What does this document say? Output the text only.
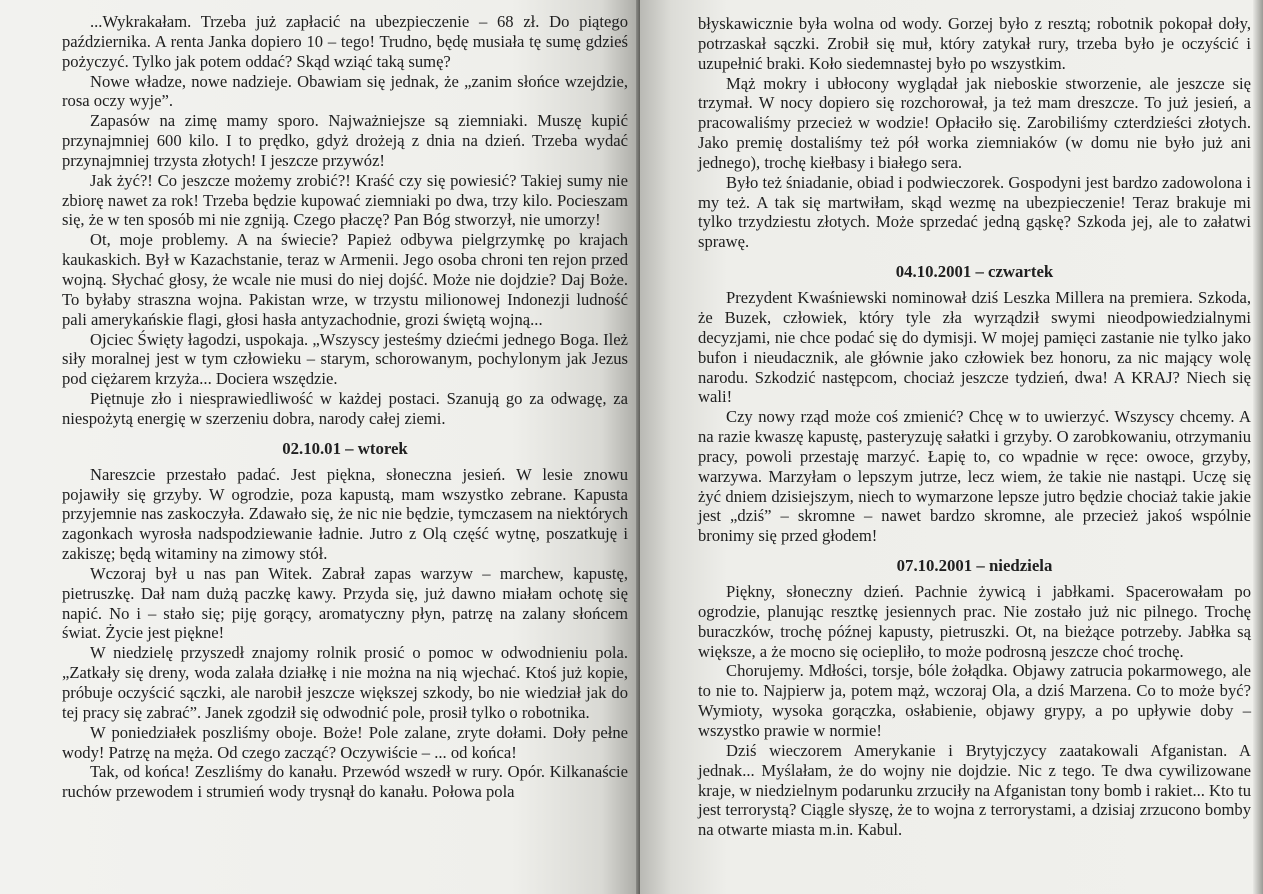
...Wykrakałam. Trzeba już zapłacić na ubezpieczenie – 68 zł. Do piątego października. A renta Janka dopiero 10 – tego! Trudno, będę musiała tę sumę gdzieś pożyczyć. Tylko jak potem oddać? Skąd wziąć taką sumę?

Nowe władze, nowe nadzieje. Obawiam się jednak, że „zanim słońce wzejdzie, rosa oczy wyje”.

Zapasów na zimę mamy sporo. Najważniejsze są ziemniaki. Muszę kupić przynajmniej 600 kilo. I to prędko, gdyż drożeją z dnia na dzień. Trzeba wydać przynajmniej trzysta złotych! I jeszcze przywóz!

Jak żyć?! Co jeszcze możemy zrobić?! Kraść czy się powiesić? Takiej sumy nie zbiorę nawet za rok! Trzeba będzie kupować ziemniaki po dwa, trzy kilo. Pocieszam się, że w ten sposób mi nie zgniją. Czego płaczę? Pan Bóg stworzył, nie umorzy!

Ot, moje problemy. A na świecie? Papież odbywa pielgrzymkę po krajach kaukaskich. Był w Kazachstanie, teraz w Armenii. Jego osoba chroni ten rejon przed wojną. Słychać głosy, że wcale nie musi do niej dojść. Może nie dojdzie? Daj Boże. To byłaby straszna wojna. Pakistan wrze, w trzystu milionowej Indonezji ludność pali amerykańskie flagi, głosi hasła antyzachodnie, grozi świętą wojną...

Ojciec Święty łagodzi, uspokaja. „Wszyscy jesteśmy dziećmi jednego Boga. Ileż siły moralnej jest w tym człowieku – starym, schorowanym, pochylonym jak Jezus pod ciężarem krzyża... Dociera wszędzie.

Piętnuje zło i niesprawiedliwość w każdej postaci. Szanują go za odwagę, za niespożytą energię w szerzeniu dobra, narody całej ziemi.

02.10.01 – wtorek

Nareszcie przestało padać. Jest piękna, słoneczna jesień. W lesie znowu pojawiły się grzyby. W ogrodzie, poza kapustą, mam wszystko zebrane. Kapusta przyjemnie nas zaskoczyła. Zdawało się, że nic nie będzie, tymczasem na niektórych zagonkach wyrosła nadspodziewanie ładnie. Jutro z Olą część wytnę, poszatkuję i zakiszę; będą witaminy na zimowy stół.

Wczoraj był u nas pan Witek. Zabrał zapas warzyw – marchew, kapustę, pietruszkę. Dał nam dużą paczkę kawy. Przyda się, już dawno miałam ochotę się napić. No i – stało się; piję gorący, aromatyczny płyn, patrzę na zalany słońcem świat. Życie jest piękne!

W niedzielę przyszedł znajomy rolnik prosić o pomoc w odwodnieniu pola. „Zatkały się dreny, woda zalała działkę i nie można na nią wjechać. Ktoś już kopie, próbuje oczyścić sączki, ale narobił jeszcze większej szkody, bo nie wiedział jak do tej pracy się zabrać”. Janek zgodził się odwodnić pole, prosił tylko o robotnika.

W poniedziałek poszliśmy oboje. Boże! Pole zalane, zryte dołami. Doły pełne wody! Patrzę na męża. Od czego zacząć? Oczywiście – ... od końca!

Tak, od końca! Zeszliśmy do kanału. Przewód wszedł w rury. Opór. Kilkanaście ruchów przewodem i strumień wody trysnął do kanału. Połowa pola

błyskawicznie była wolna od wody. Gorzej było z resztą; robotnik pokopał doły, potrzaskał sączki. Zrobił się muł, który zatykał rury, trzeba było je oczyścić i uzupełnić braki. Koło siedemnastej było po wszystkim.

Mąż mokry i ubłocony wyglądał jak nieboskie stworzenie, ale jeszcze się trzymał. W nocy dopiero się rozchorował, ja też mam dreszcze. To już jesień, a pracowaliśmy przecież w wodzie! Opłaciło się. Zarobiliśmy czterdzieści złotych. Jako premię dostaliśmy też pół worka ziemniaków (w domu nie było już ani jednego), trochę kiełbasy i białego sera.

Było też śniadanie, obiad i podwieczorek. Gospodyni jest bardzo zadowolona i my też. A tak się martwiłam, skąd wezmę na ubezpieczenie! Teraz brakuje mi tylko trzydziestu złotych. Może sprzedać jedną gąskę? Szkoda jej, ale to załatwi sprawę.

04.10.2001 – czwartek

Prezydent Kwaśniewski nominował dziś Leszka Millera na premiera. Szkoda, że Buzek, człowiek, który tyle zła wyrządził swymi nieodpowiedzialnymi decyzjami, nie chce podać się do dymisji. W mojej pamięci zastanie nie tylko jako bufon i nieudacznik, ale głównie jako człowiek bez honoru, za nic mający wolę narodu. Szkodzić następcom, chociaż jeszcze tydzień, dwa! A KRAJ? Niech się wali!

Czy nowy rząd może coś zmienić? Chcę w to uwierzyć. Wszyscy chcemy. A na razie kwaszę kapustę, pasteryzuję sałatki i grzyby. O zarobkowaniu, otrzymaniu pracy, powoli przestaję marzyć. Łapię to, co wpadnie w ręce: owoce, grzyby, warzywa. Marzyłam o lepszym jutrze, lecz wiem, że takie nie nastąpi. Uczę się żyć dniem dzisiejszym, niech to wymarzone lepsze jutro będzie chociaż takie jakie jest „dziś” – skromne – nawet bardzo skromne, ale przecież jakoś wspólnie bronimy się przed głodem!

07.10.2001 – niedziela

Piękny, słoneczny dzień. Pachnie żywicą i jabłkami. Spacerowałam po ogrodzie, planując resztkę jesiennych prac. Nie zostało już nic pilnego. Trochę buraczków, trochę późnej kapusty, pietruszki. Ot, na bieżące potrzeby. Jabłka są większe, a że mocno się ociepliło, to może podrosną jeszcze choć trochę.

Chorujemy. Mdłości, torsje, bóle żołądka. Objawy zatrucia pokarmowego, ale to nie to. Najpierw ja, potem mąż, wczoraj Ola, a dziś Marzena. Co to może być? Wymioty, wysoka gorączka, osłabienie, objawy grypy, a po upływie doby – wszystko prawie w normie!

Dziś wieczorem Amerykanie i Brytyjczycy zaatakowali Afganistan. A jednak... Myślałam, że do wojny nie dojdzie. Nic z tego. Te dwa cywilizowane kraje, w niedzielnym podarunku zrzuciły na Afganistan tony bomb i rakiet... Kto tu jest terrorystą? Ciągle słyszę, że to wojna z terrorystami, a dzisiaj zrzucono bomby na otwarte miasta m.in. Kabul.
